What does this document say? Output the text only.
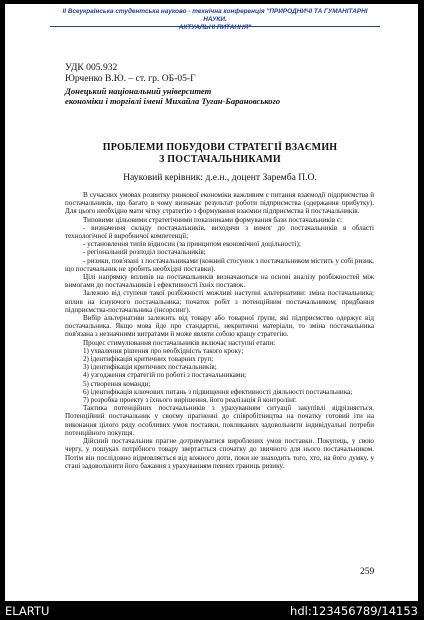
II Всеукраїнська студентська науково - технічна конференція "ПРИРОДНИЧІ ТА ГУМАНІТАРНІ НАУКИ.
АКТУАЛЬНІ ПИТАННЯ"
УДК 005.932
Юрченко В.Ю. – ст. гр. ОБ-05-Г
Донецький національний університет
економіки і торгівлі імені Михайла Туган-Барановського
ПРОБЛЕМИ ПОБУДОВИ СТРАТЕГІЇ ВЗАЄМИН
З ПОСТАЧАЛЬНИКАМИ
Науковий керівник: д.е.н., доцент Заремба П.О.

В сучасних умовах розвитку ринкової економіки важливим є питання взаємодії підприємства й постачальників, що багато в чому визначає результат роботи підприємства (одержання прибутку). Для цього необхідно мати чітку стратегію з формування взаємин підприємства й постачальників.

Типовими цільовими стратегічними показниками формування бази постачальників є:

- визначення складу постачальників, виходячи з вимог до постачальників в області технологічної й виробничої компетенції;

- установлення типів відносин (за принципом економічної доцільності);

- регіональний розподіл постачальників;

- ризики, пов'язані з постачальниками (кожний стосунок з постачальником містить у собі ризик, що постачальник не зробить необхідні поставки).

Цілі напрямку впливів на постачальників визначаються на основі аналізу розбіжностей між вимогами до постачальників і ефективності їхніх поставок.

Залежно від ступеня такої розбіжності можливі наступні альтернативи: зміна постачальника; вплив на існуючого постачальника; початок робіт з потенційним постачальником; придбання підприємства-постачальника (інсорсинг).

Вибір альтернативи залежить від товару або товарної групи, які підприємство одержує від постачальника. Якщо мова йде про стандартні, некритичні матеріали, то зміна постачальника пов'язана з незначними витратами й може являти собою кращу стратегію.

Процес стимулювання постачальників включає наступні етапи:

1) ухвалення рішення про необхідність такого кроку;

2) ідентифікація критичних товарних груп;

3) ідентифікація критичних постачальників;

4) узгодження стратегій по роботі з постачальниками;

5) створення команди;

6) ідентифікація ключових питань з підвищення ефективності діяльності постачальника;

7) розробка проекту з їхнього вирішення, його реалізація й контролінг.

Тактика потенційних постачальників з урахуванням ситуації закупівлі відрізняється. Потенційний постачальник у своєму прагненні до співробітництва на початку готовий іти на виконання цілого ряду особливих умов поставки, покликаних задовольнити індивідуальні потреби потенційного покупця.

Дійсний постачальник прагне дотримуватися вироблених умов поставки. Покупець, у свою чергу, у пошуках потрібного товару звертається спочатку до звичного для нього постачальником. Потім він послідовно відмовляється від кожного доти, поки не знаходить того, хто, на його думку, у стані задовольнити його бажання з урахуванням певних границь ризику.

259
ELARTU	hdl:123456789/14153
